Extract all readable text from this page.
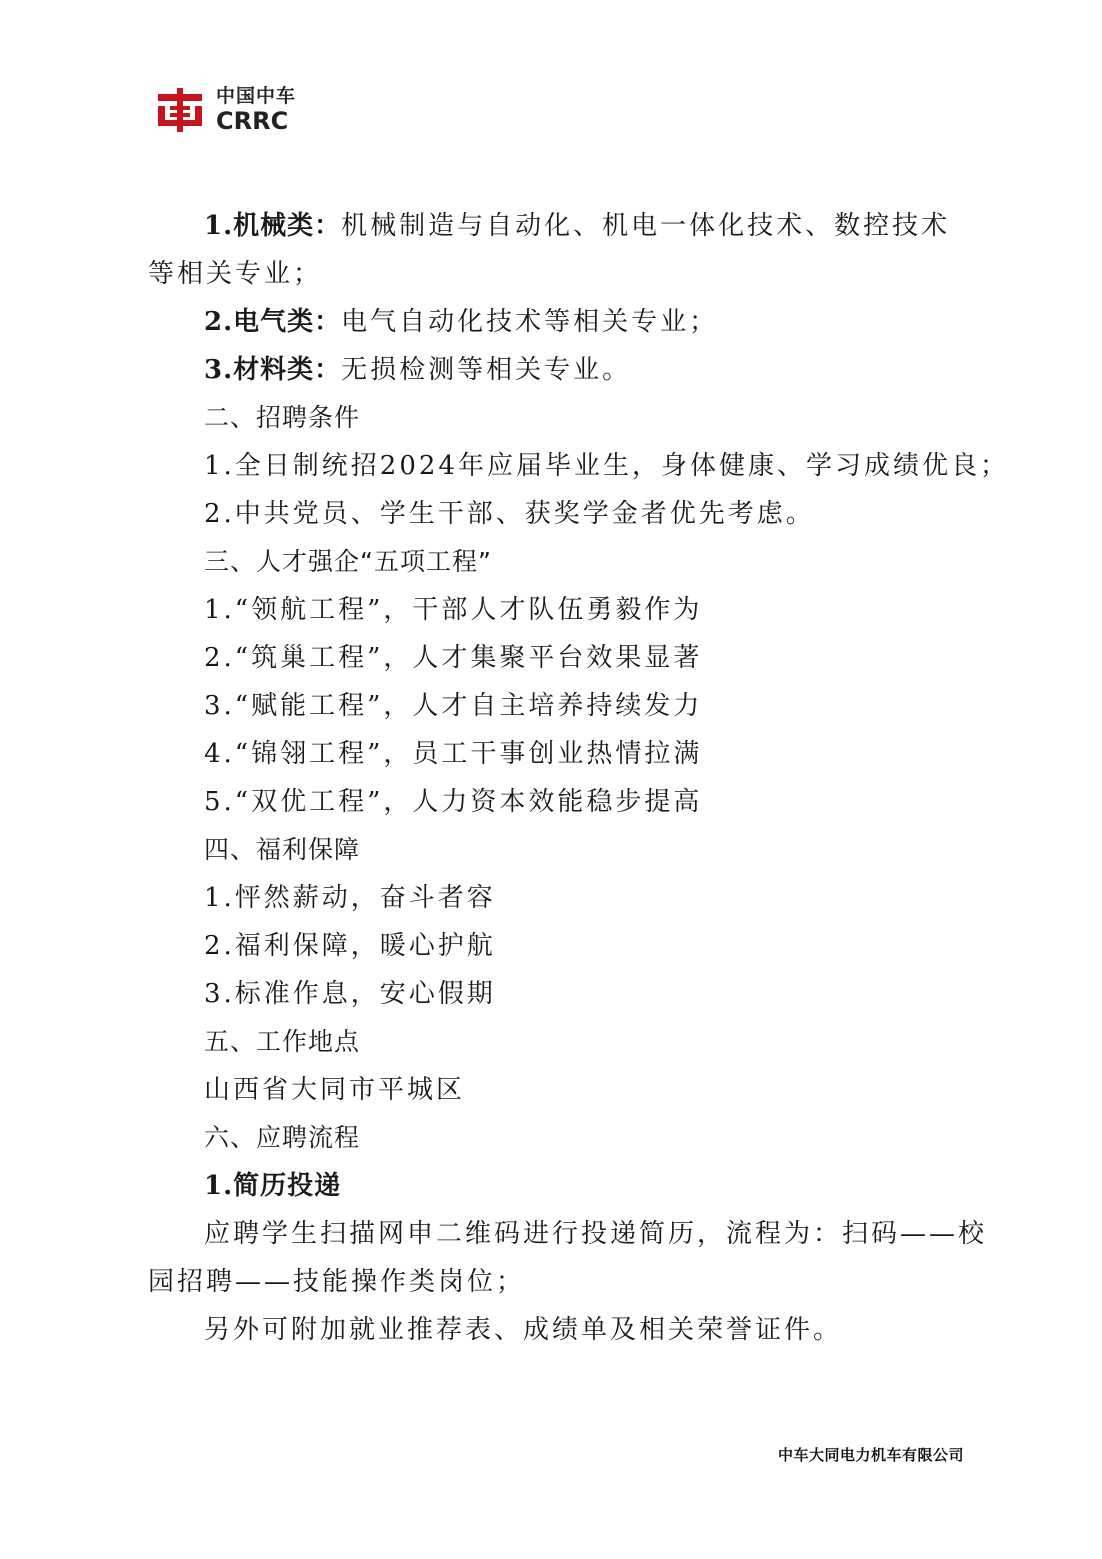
中国中车
CRRC
1.机械类：机械制造与自动化、机电一体化技术、数控技术
等相关专业；
2.电气类：电气自动化技术等相关专业；
3.材料类：无损检测等相关专业。
二、招聘条件
1.全日制统招2024年应届毕业生，身体健康、学习成绩优良；
2.中共党员、学生干部、获奖学金者优先考虑。
三、人才强企“五项工程”
1.“领航工程”，干部人才队伍勇毅作为
2.“筑巢工程”，人才集聚平台效果显著
3.“赋能工程”，人才自主培养持续发力
4.“锦翎工程”，员工干事创业热情拉满
5.“双优工程”，人力资本效能稳步提高
四、福利保障
1.怦然薪动，奋斗者容
2.福利保障，暖心护航
3.标准作息，安心假期
五、工作地点
山西省大同市平城区
六、应聘流程
1.简历投递
应聘学生扫描网申二维码进行投递简历，流程为：扫码——校
园招聘——技能操作类岗位；
另外可附加就业推荐表、成绩单及相关荣誉证件。
中车大同电力机车有限公司
